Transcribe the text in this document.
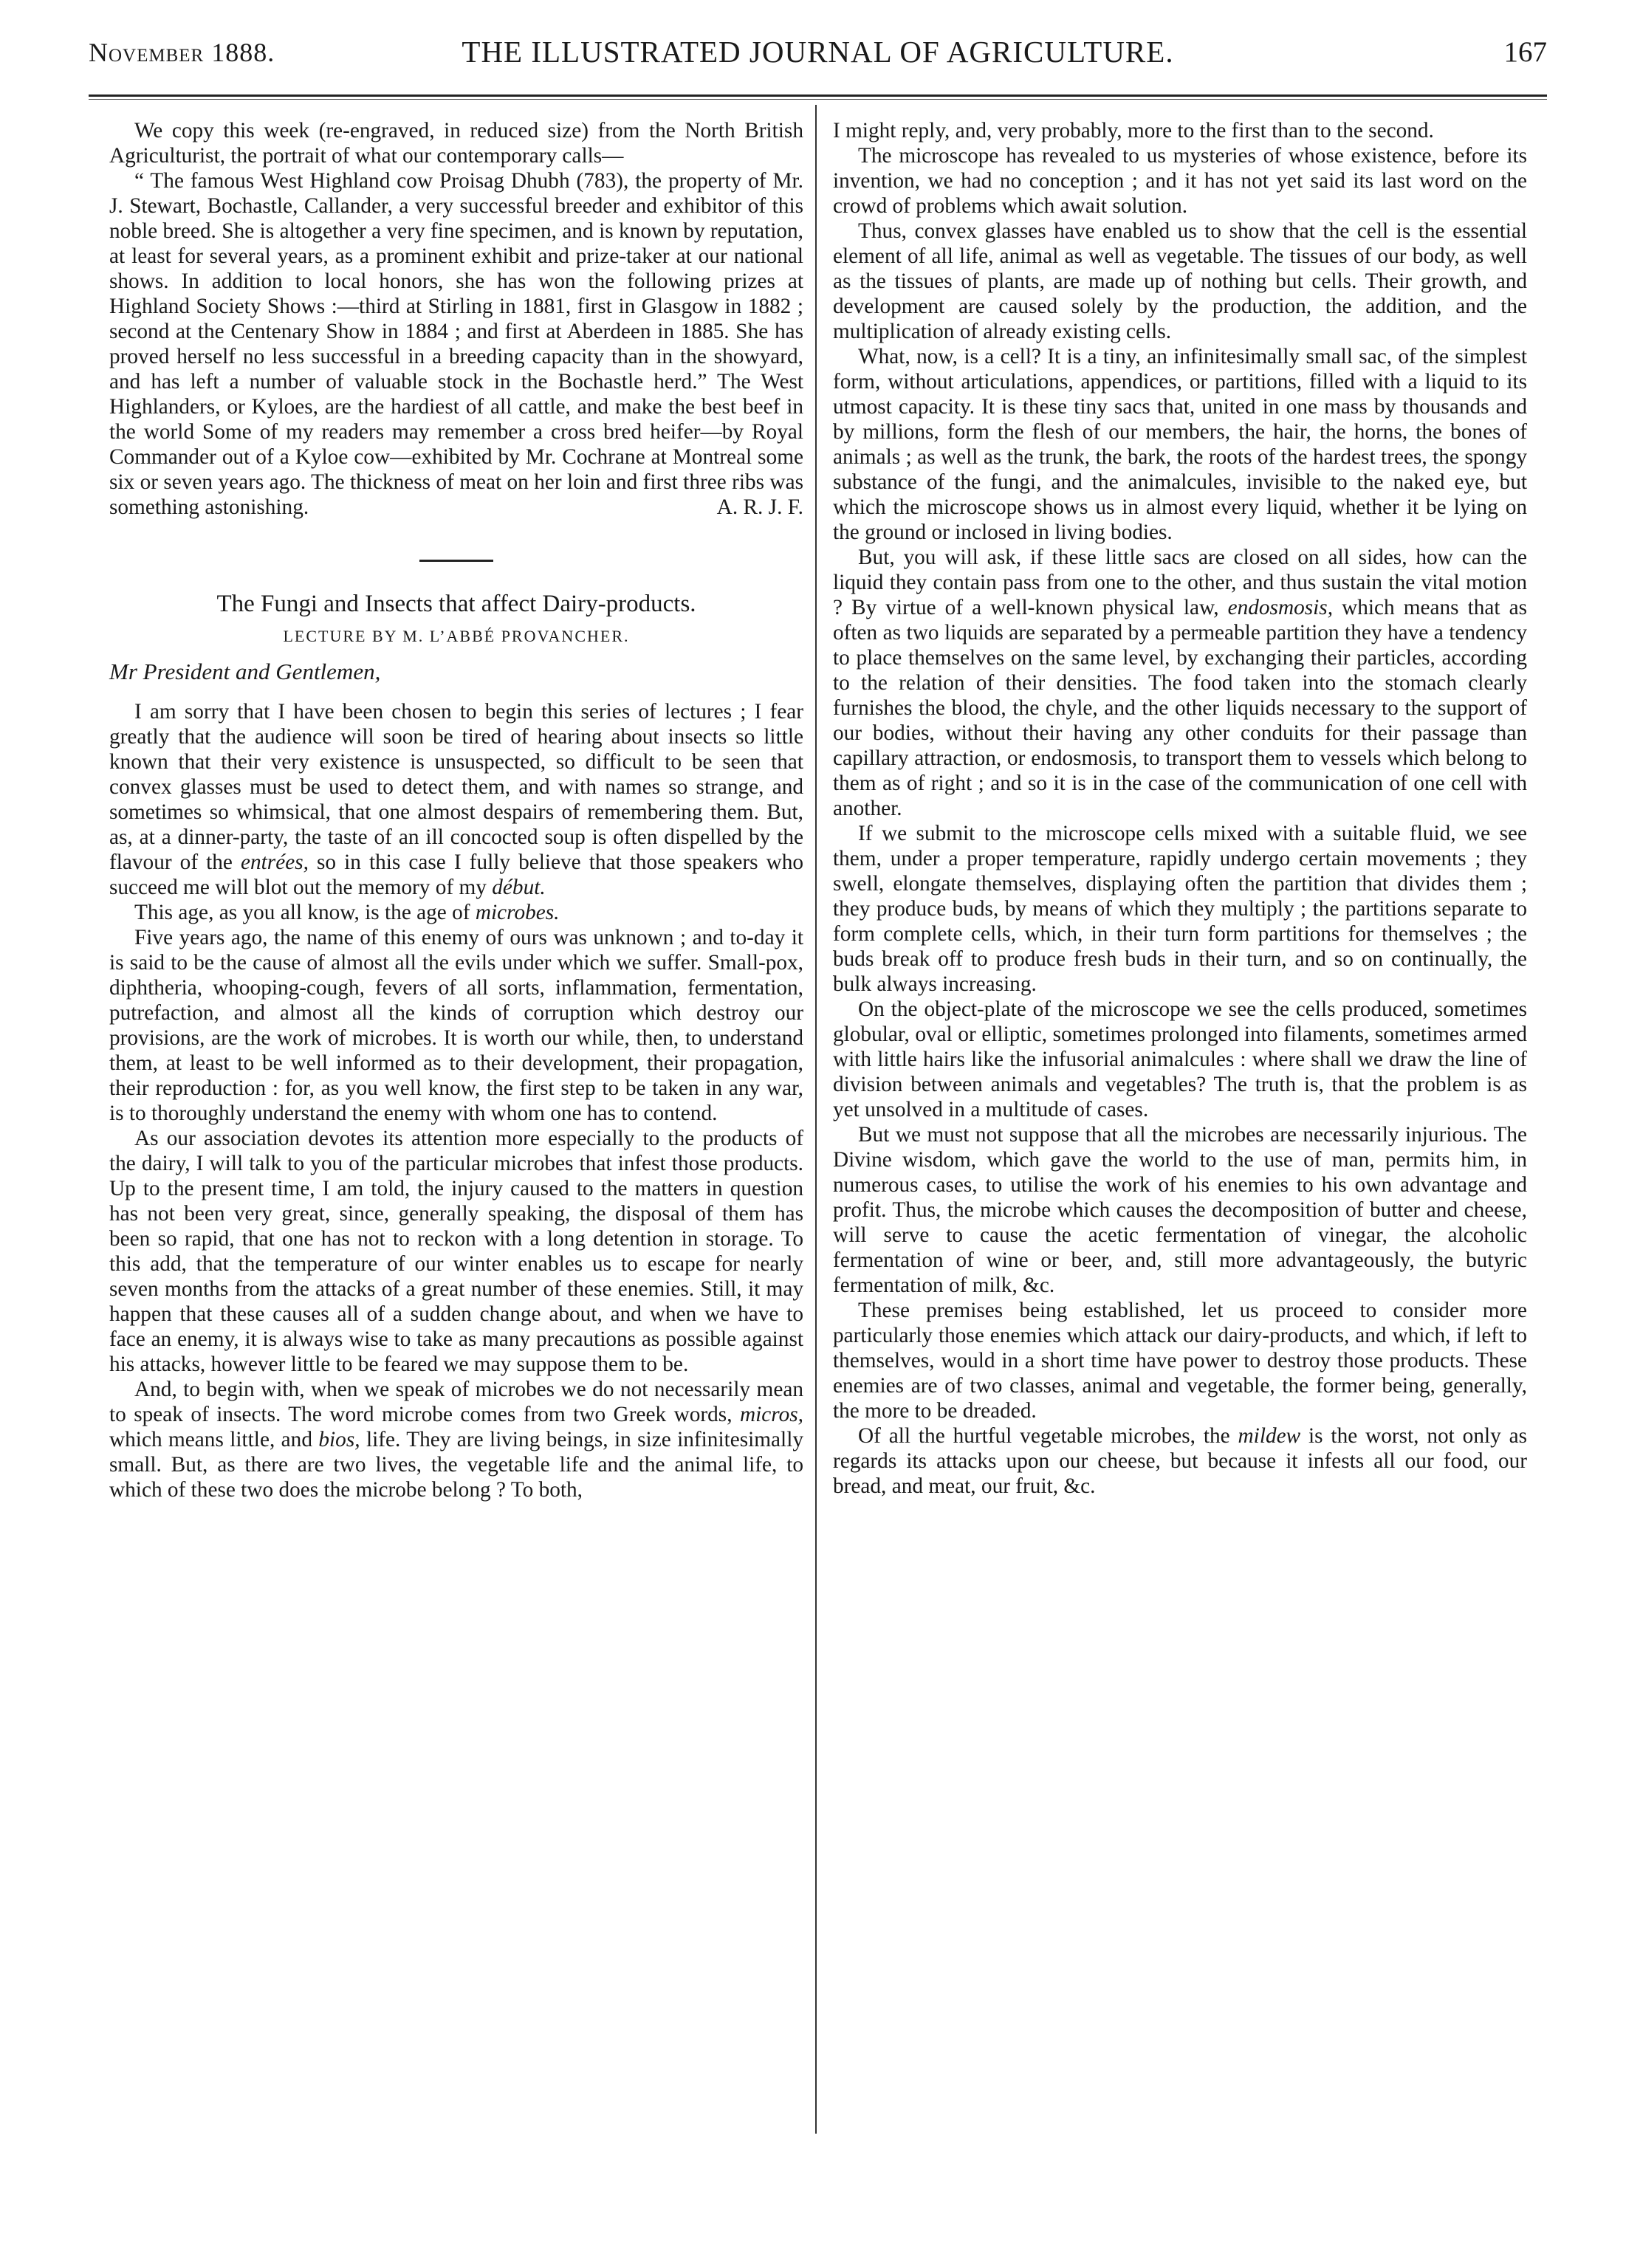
November 1888.	THE ILLUSTRATED JOURNAL OF AGRICULTURE.	167

We copy this week (re-engraved, in reduced size) from the North British Agriculturist, the portrait of what our contemporary calls—

“ The famous West Highland cow Proisag Dhubh (783), the property of Mr. J. Stewart, Bochastle, Callander, a very successful breeder and exhibitor of this noble breed. She is altogether a very fine specimen, and is known by reputation, at least for several years, as a prominent exhibit and prize-taker at our national shows. In addition to local honors, she has won the following prizes at Highland Society Shows :—third at Stirling in 1881, first in Glasgow in 1882 ; second at the Centenary Show in 1884 ; and first at Aberdeen in 1885. She has proved herself no less successful in a breeding capacity than in the showyard, and has left a number of valuable stock in the Bochastle herd.” The West Highlanders, or Kyloes, are the hardiest of all cattle, and make the best beef in the world Some of my readers may remember a cross bred heifer—by Royal Commander out of a Kyloe cow—exhibited by Mr. Cochrane at Montreal some six or seven years ago. The thickness of meat on her loin and first three ribs was something astonishing.	A. R. J. F.

The Fungi and Insects that affect Dairy-products.
LECTURE BY M. L’ABBÉ PROVANCHER.
Mr President and Gentlemen,

I am sorry that I have been chosen to begin this series of lectures ; I fear greatly that the audience will soon be tired of hearing about insects so little known that their very existence is unsuspected, so difficult to be seen that convex glasses must be used to detect them, and with names so strange, and sometimes so whimsical, that one almost despairs of remembering them. But, as, at a dinner-party, the taste of an ill concocted soup is often dispelled by the flavour of the entrées, so in this case I fully believe that those speakers who succeed me will blot out the memory of my début.

This age, as you all know, is the age of microbes.

Five years ago, the name of this enemy of ours was unknown ; and to-day it is said to be the cause of almost all the evils under which we suffer. Small-pox, diphtheria, whooping-cough, fevers of all sorts, inflammation, fermentation, putrefaction, and almost all the kinds of corruption which destroy our provisions, are the work of microbes. It is worth our while, then, to understand them, at least to be well informed as to their development, their propagation, their reproduction : for, as you well know, the first step to be taken in any war, is to thoroughly understand the enemy with whom one has to contend.

As our association devotes its attention more especially to the products of the dairy, I will talk to you of the particular microbes that infest those products. Up to the present time, I am told, the injury caused to the matters in question has not been very great, since, generally speaking, the disposal of them has been so rapid, that one has not to reckon with a long detention in storage. To this add, that the temperature of our winter enables us to escape for nearly seven months from the attacks of a great number of these enemies. Still, it may happen that these causes all of a sudden change about, and when we have to face an enemy, it is always wise to take as many precautions as possible against his attacks, however little to be feared we may suppose them to be.

And, to begin with, when we speak of microbes we do not necessarily mean to speak of insects. The word microbe comes from two Greek words, micros, which means little, and bios, life. They are living beings, in size infinitesimally small. But, as there are two lives, the vegetable life and the animal life, to which of these two does the microbe belong ? To both,

I might reply, and, very probably, more to the first than to the second.

The microscope has revealed to us mysteries of whose existence, before its invention, we had no conception ; and it has not yet said its last word on the crowd of problems which await solution.

Thus, convex glasses have enabled us to show that the cell is the essential element of all life, animal as well as vegetable. The tissues of our body, as well as the tissues of plants, are made up of nothing but cells. Their growth, and development are caused solely by the production, the addition, and the multiplication of already existing cells.

What, now, is a cell? It is a tiny, an infinitesimally small sac, of the simplest form, without articulations, appendices, or partitions, filled with a liquid to its utmost capacity. It is these tiny sacs that, united in one mass by thousands and by millions, form the flesh of our members, the hair, the horns, the bones of animals ; as well as the trunk, the bark, the roots of the hardest trees, the spongy substance of the fungi, and the animalcules, invisible to the naked eye, but which the microscope shows us in almost every liquid, whether it be lying on the ground or inclosed in living bodies.

But, you will ask, if these little sacs are closed on all sides, how can the liquid they contain pass from one to the other, and thus sustain the vital motion ? By virtue of a well-known physical law, endosmosis, which means that as often as two liquids are separated by a permeable partition they have a tendency to place themselves on the same level, by exchanging their particles, according to the relation of their densities. The food taken into the stomach clearly furnishes the blood, the chyle, and the other liquids necessary to the support of our bodies, without their having any other conduits for their passage than capillary attraction, or endosmosis, to transport them to vessels which belong to them as of right ; and so it is in the case of the communication of one cell with another.

If we submit to the microscope cells mixed with a suitable fluid, we see them, under a proper temperature, rapidly undergo certain movements ; they swell, elongate themselves, displaying often the partition that divides them ; they produce buds, by means of which they multiply ; the partitions separate to form complete cells, which, in their turn form partitions for themselves ; the buds break off to produce fresh buds in their turn, and so on continually, the bulk always increasing.

On the object-plate of the microscope we see the cells produced, sometimes globular, oval or elliptic, sometimes prolonged into filaments, sometimes armed with little hairs like the infusorial animalcules : where shall we draw the line of division between animals and vegetables? The truth is, that the problem is as yet unsolved in a multitude of cases.

But we must not suppose that all the microbes are necessarily injurious. The Divine wisdom, which gave the world to the use of man, permits him, in numerous cases, to utilise the work of his enemies to his own advantage and profit. Thus, the microbe which causes the decomposition of butter and cheese, will serve to cause the acetic fermentation of vinegar, the alcoholic fermentation of wine or beer, and, still more advantageously, the butyric fermentation of milk, &c.

These premises being established, let us proceed to consider more particularly those enemies which attack our dairy-products, and which, if left to themselves, would in a short time have power to destroy those products. These enemies are of two classes, animal and vegetable, the former being, generally, the more to be dreaded.

Of all the hurtful vegetable microbes, the mildew is the worst, not only as regards its attacks upon our cheese, but because it infests all our food, our bread, and meat, our fruit, &c.
